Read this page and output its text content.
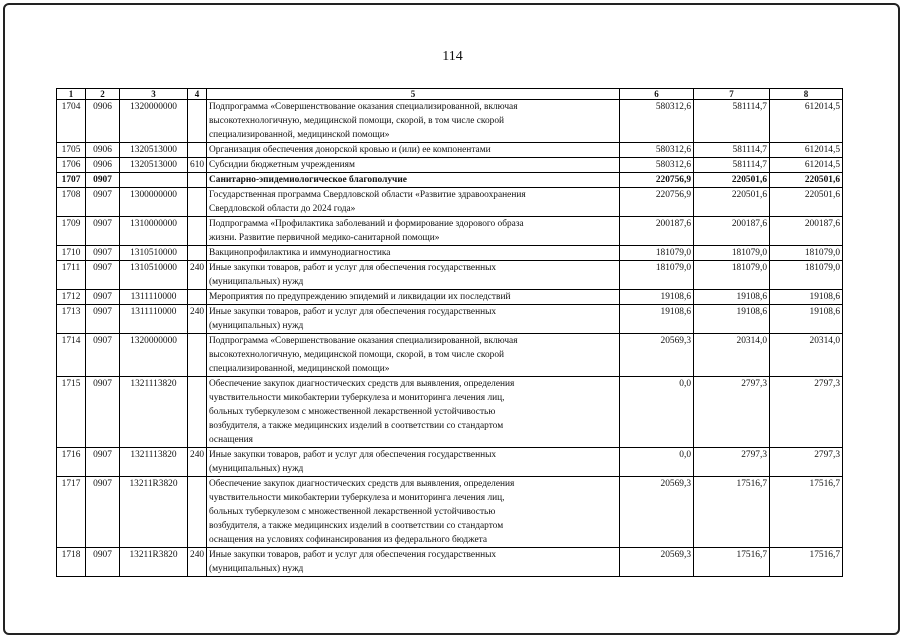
114
1	2	3	4	5	6	7	8
1704	0906	1320000000		Подпрограмма «Совершенствование оказания специализированной, включая
высокотехнологичную, медицинской помощи, скорой, в том числе скорой
специализированной, медицинской помощи»	580312,6	581114,7	612014,5
1705	0906	1320513000		Организация обеспечения донорской кровью и (или) ее компонентами	580312,6	581114,7	612014,5
1706	0906	1320513000	610	Субсидии бюджетным учреждениям	580312,6	581114,7	612014,5
1707	0907			Санитарно-эпидемиологическое благополучие	220756,9	220501,6	220501,6
1708	0907	1300000000		Государственная программа Свердловской области «Развитие здравоохранения
Свердловской области до 2024 года»	220756,9	220501,6	220501,6
1709	0907	1310000000		Подпрограмма «Профилактика заболеваний и формирование здорового образа
жизни. Развитие первичной медико-санитарной помощи»	200187,6	200187,6	200187,6
1710	0907	1310510000		Вакцинопрофилактика и иммунодиагностика	181079,0	181079,0	181079,0
1711	0907	1310510000	240	Иные закупки товаров, работ и услуг для обеспечения государственных
(муниципальных) нужд	181079,0	181079,0	181079,0
1712	0907	1311110000		Мероприятия по предупреждению эпидемий и ликвидации их последствий	19108,6	19108,6	19108,6
1713	0907	1311110000	240	Иные закупки товаров, работ и услуг для обеспечения государственных
(муниципальных) нужд	19108,6	19108,6	19108,6
1714	0907	1320000000		Подпрограмма «Совершенствование оказания специализированной, включая
высокотехнологичную, медицинской помощи, скорой, в том числе скорой
специализированной, медицинской помощи»	20569,3	20314,0	20314,0
1715	0907	1321113820		Обеспечение закупок диагностических средств для выявления, определения
чувствительности микобактерии туберкулеза и мониторинга лечения лиц,
больных туберкулезом с множественной лекарственной устойчивостью
возбудителя, а также медицинских изделий в соответствии со стандартом
оснащения	0,0	2797,3	2797,3
1716	0907	1321113820	240	Иные закупки товаров, работ и услуг для обеспечения государственных
(муниципальных) нужд	0,0	2797,3	2797,3
1717	0907	13211R3820		Обеспечение закупок диагностических средств для выявления, определения
чувствительности микобактерии туберкулеза и мониторинга лечения лиц,
больных туберкулезом с множественной лекарственной устойчивостью
возбудителя, а также медицинских изделий в соответствии со стандартом
оснащения на условиях софинансирования из федерального бюджета	20569,3	17516,7	17516,7
1718	0907	13211R3820	240	Иные закупки товаров, работ и услуг для обеспечения государственных
(муниципальных) нужд	20569,3	17516,7	17516,7
